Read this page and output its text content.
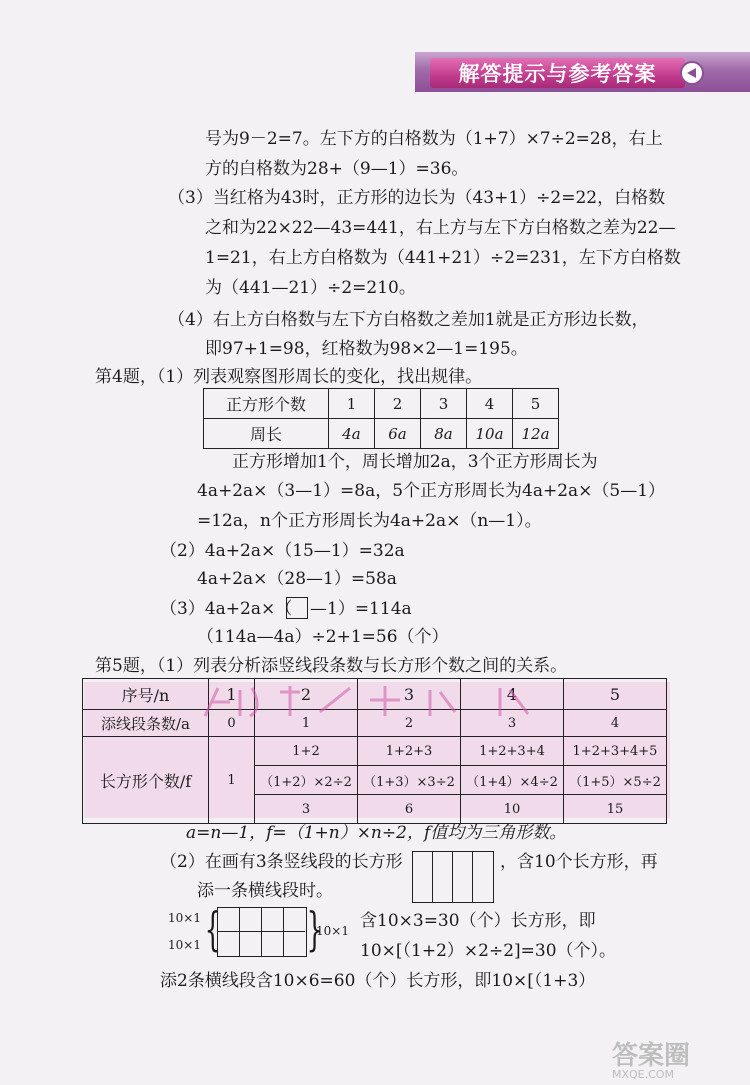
解答提示与参考答案
号为9－2=7。左下方的白格数为（1+7）×7÷2=28，右上
方的白格数为28+（9—1）=36。
（3）当红格为43时，正方形的边长为（43+1）÷2=22，白格数
之和为22×22—43=441，右上方与左下方白格数之差为22—
1=21，右上方白格数为（441+21）÷2=231，左下方白格数
为（441—21）÷2=210。
（4）右上方白格数与左下方白格数之差加1就是正方形边长数，
即97+1=98，红格数为98×2—1=195。
第4题，（1）列表观察图形周长的变化，找出规律。
正方形个数	1	2	3	4	5
周长	4a	6a	8a	10a	12a
正方形增加1个，周长增加2a，3个正方形周长为
4a+2a×（3—1）=8a，5个正方形周长为4a+2a×（5—1）
=12a，n个正方形周长为4a+2a×（n—1）。
（2）4a+2a×（15—1）=32a
4a+2a×（28—1）=58a
（3）4a+2a×（ —1）=114a
（114a—4a）÷2+1=56（个）
第5题，（1）列表分析添竖线段条数与长方形个数之间的关系。
序号/n	1	2	3	4	5
添线段条数/a	0	1	2	3	4
长方形个数/f	1	1+2	1+2+3	1+2+3+4	1+2+3+4+5
		（1+2）×2÷2	（1+3）×3÷2	（1+4）×4÷2	（1+5）×5÷2
		3	6	10	15
a=n—1，f=（1+n）×n÷2，f值均为三角形数。
（2）在画有3条竖线段的长方形	，含10个长方形，再
添一条横线段时。
10×1
10×1 { }
10×1 含10×3=30（个）长方形，即
10×[（1+2）×2÷2]=30（个）。
添2条横线段含10×6=60（个）长方形，即10×[（1+3）
答案圈
MXQE.COM
